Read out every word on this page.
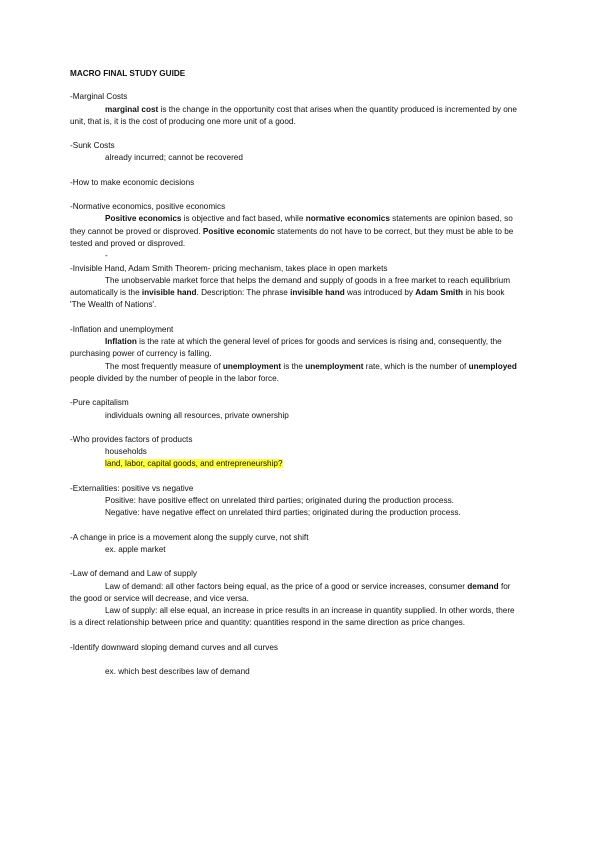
MACRO FINAL STUDY GUIDE

-Marginal Costs

marginal cost is the change in the opportunity cost that arises when the quantity produced is incremented by one unit, that is, it is the cost of producing one more unit of a good.

-Sunk Costs

already incurred; cannot be recovered

-How to make economic decisions

-Normative economics, positive economics

Positive economics is objective and fact based, while normative economics statements are opinion based, so they cannot be proved or disproved. Positive economic statements do not have to be correct, but they must be able to be tested and proved or disproved.

-

-Invisible Hand, Adam Smith Theorem- pricing mechanism, takes place in open markets

The unobservable market force that helps the demand and supply of goods in a free market to reach equilibrium automatically is the invisible hand. Description: The phrase invisible hand was introduced by Adam Smith in his book 'The Wealth of Nations'.

-Inflation and unemployment

Inflation is the rate at which the general level of prices for goods and services is rising and, consequently, the purchasing power of currency is falling.

The most frequently measure of unemployment is the unemployment rate, which is the number of unemployed people divided by the number of people in the labor force.

-Pure capitalism

individuals owning all resources, private ownership

-Who provides factors of products

households

land, labor, capital goods, and entrepreneurship?

-Externalities: positive vs negative

Positive: have positive effect on unrelated third parties; originated during the production process.

Negative: have negative effect on unrelated third parties; originated during the production process.

-A change in price is a movement along the supply curve, not shift

ex. apple market

-Law of demand and Law of supply

Law of demand: all other factors being equal, as the price of a good or service increases, consumer demand for the good or service will decrease, and vice versa.

Law of supply: all else equal, an increase in price results in an increase in quantity supplied. In other words, there is a direct relationship between price and quantity: quantities respond in the same direction as price changes.

-Identify downward sloping demand curves and all curves

ex. which best describes law of demand
